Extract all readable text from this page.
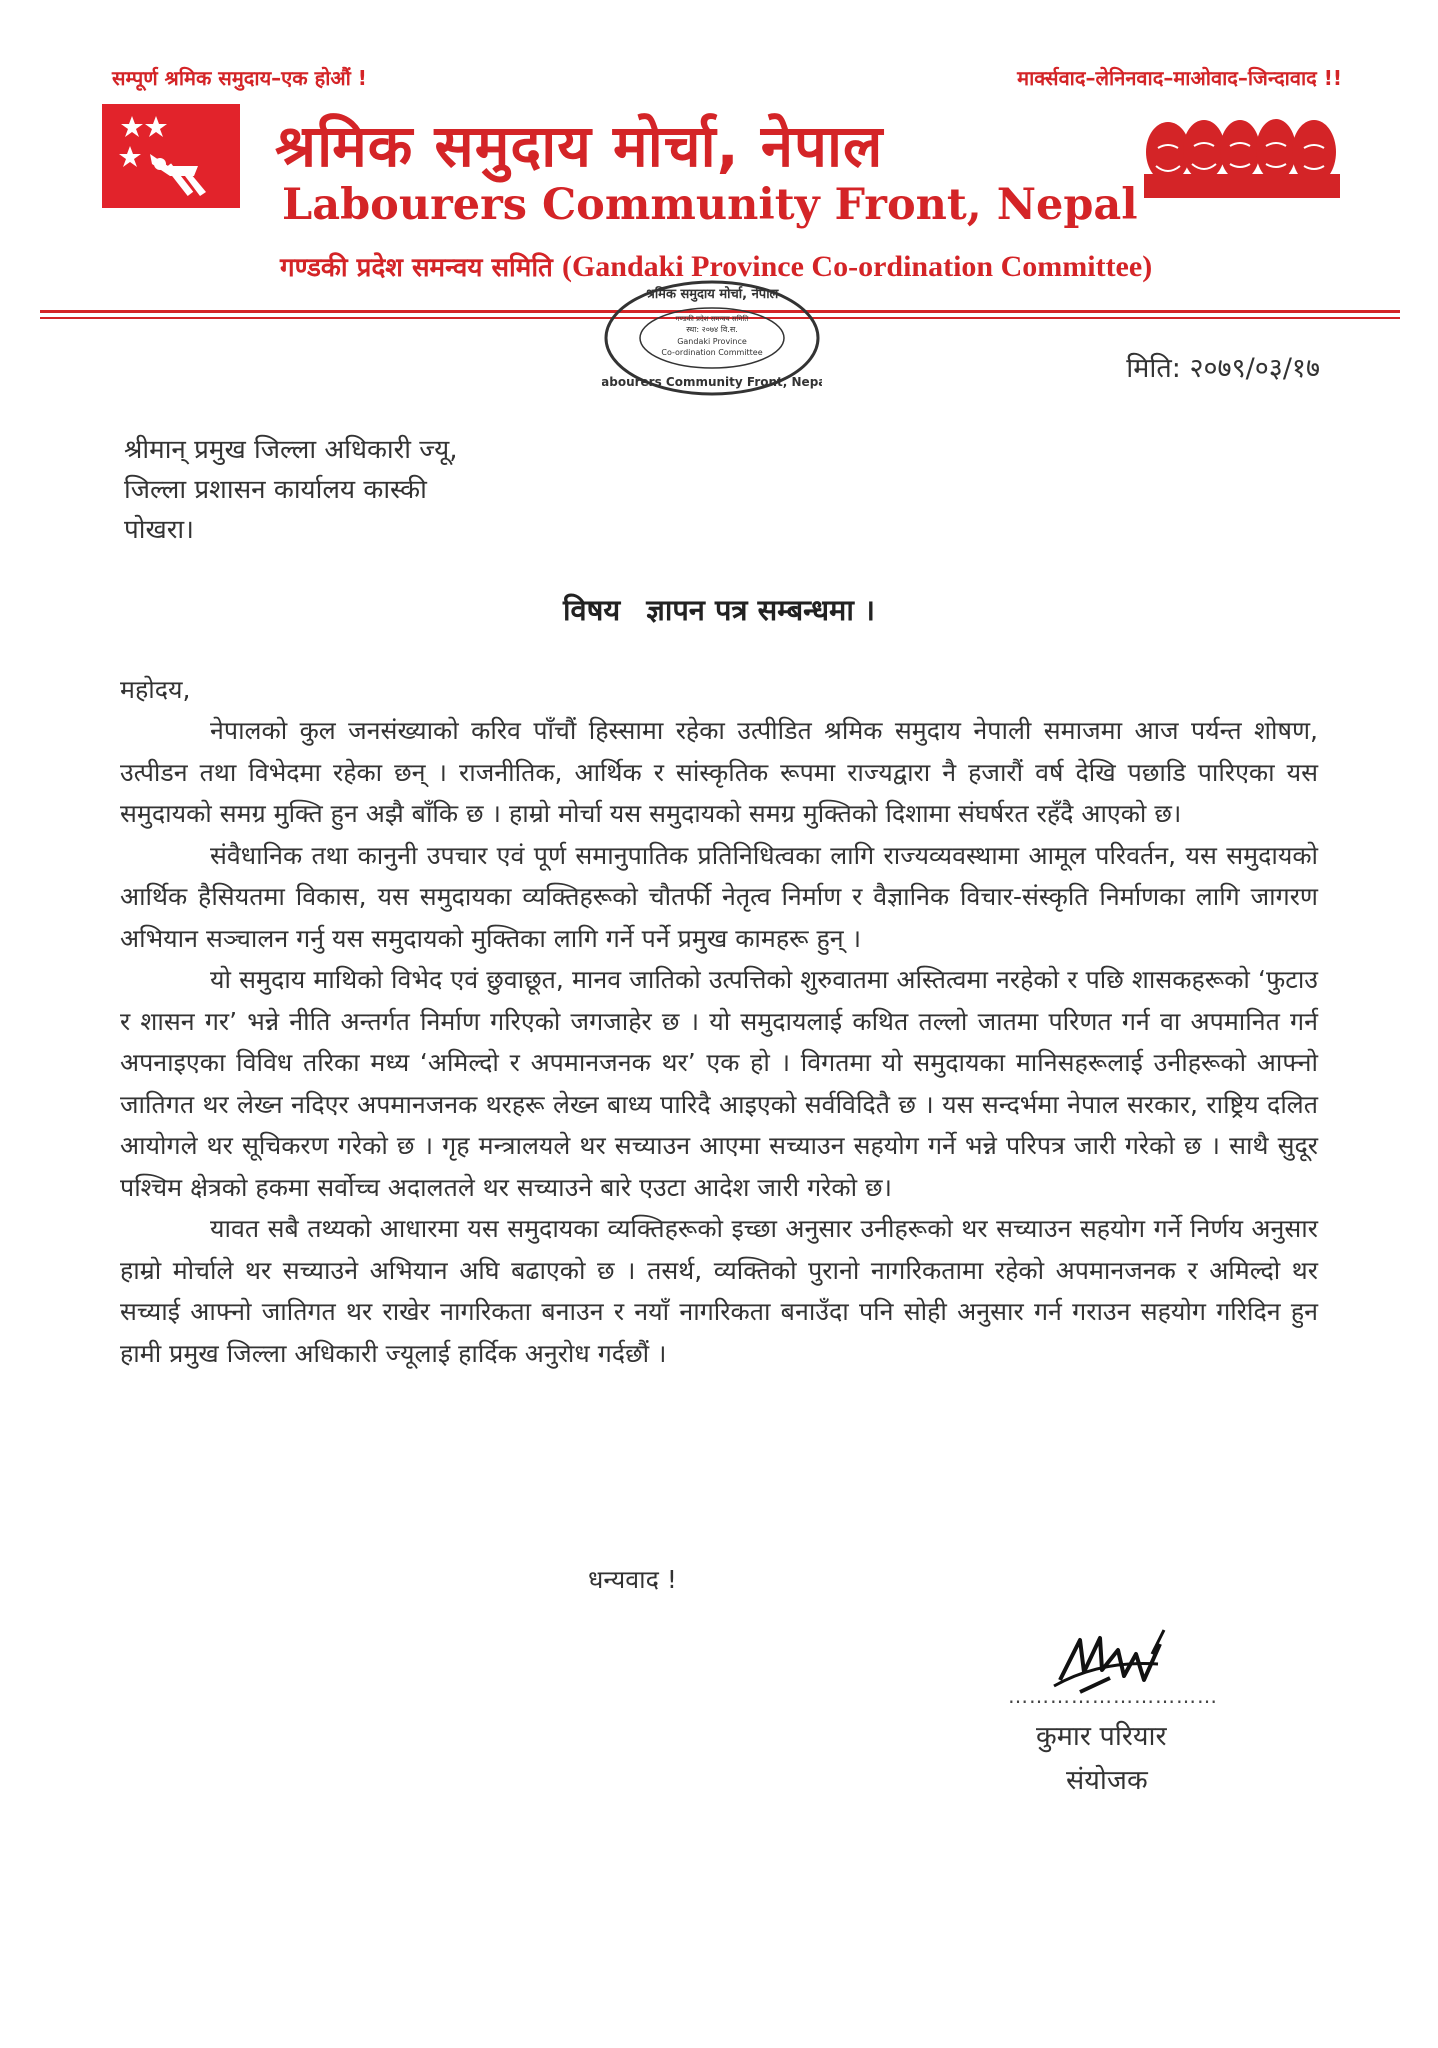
सम्पूर्ण श्रमिक समुदाय–एक होऔं !	मार्क्सवाद–लेनिनवाद–माओवाद–जिन्दावाद !!
श्रमिक समुदाय मोर्चा, नेपाल
Labourers Community Front, Nepal
गण्डकी प्रदेश समन्वय समिति (Gandaki Province Co-ordination Committee)
श्रमिक समुदाय मोर्चा, नेपाल
Labourers Community Front, Nepal
गण्डकी प्रदेश समन्वय समिति
स्था: २०७४ वि.स.
Gandaki Province
Co-ordination Committee
मिति: २०७९/०३/१७
श्रीमान् प्रमुख जिल्ला अधिकारी ज्यू,
जिल्ला प्रशासन कार्यालय कास्की
पोखरा।
विषय ज्ञापन पत्र सम्बन्धमा ।
महोदय,

नेपालको कुल जनसंख्याको करिव पाँचौं हिस्सामा रहेका उत्पीडित श्रमिक समुदाय नेपाली समाजमा आज पर्यन्त शोषण, उत्पीडन तथा विभेदमा रहेका छन् । राजनीतिक, आर्थिक र सांस्कृतिक रूपमा राज्यद्वारा नै हजारौं वर्ष देखि पछाडि पारिएका यस समुदायको समग्र मुक्ति हुन अझै बाँकि छ । हाम्रो मोर्चा यस समुदायको समग्र मुक्तिको दिशामा संघर्षरत रहँदै आएको छ।

संवैधानिक तथा कानुनी उपचार एवं पूर्ण समानुपातिक प्रतिनिधित्वका लागि राज्यव्यवस्थामा आमूल परिवर्तन, यस समुदायको आर्थिक हैसियतमा विकास, यस समुदायका व्यक्तिहरूको चौतर्फी नेतृत्व निर्माण र वैज्ञानिक विचार-संस्कृति निर्माणका लागि जागरण अभियान सञ्चालन गर्नु यस समुदायको मुक्तिका लागि गर्ने पर्ने प्रमुख कामहरू हुन् ।

यो समुदाय माथिको विभेद एवं छुवाछूत, मानव जातिको उत्पत्तिको शुरुवातमा अस्तित्वमा नरहेको र पछि शासकहरूको ‘फुटाउ र शासन गर’ भन्ने नीति अन्तर्गत निर्माण गरिएको जगजाहेर छ । यो समुदायलाई कथित तल्लो जातमा परिणत गर्न वा अपमानित गर्न अपनाइएका विविध तरिका मध्य ‘अमिल्दो र अपमानजनक थर’ एक हो । विगतमा यो समुदायका मानिसहरूलाई उनीहरूको आफ्नो जातिगत थर लेख्न नदिएर अपमानजनक थरहरू लेख्न बाध्य पारिदै आइएको सर्वविदितै छ । यस सन्दर्भमा नेपाल सरकार, राष्ट्रिय दलित आयोगले थर सूचिकरण गरेको छ । गृह मन्त्रालयले थर सच्याउन आएमा सच्याउन सहयोग गर्ने भन्ने परिपत्र जारी गरेको छ । साथै सुदूर पश्चिम क्षेत्रको हकमा सर्वोच्च अदालतले थर सच्याउने बारे एउटा आदेश जारी गरेको छ।

यावत सबै तथ्यको आधारमा यस समुदायका व्यक्तिहरूको इच्छा अनुसार उनीहरूको थर सच्याउन सहयोग गर्ने निर्णय अनुसार हाम्रो मोर्चाले थर सच्याउने अभियान अघि बढाएको छ । तसर्थ, व्यक्तिको पुरानो नागरिकतामा रहेको अपमानजनक र अमिल्दो थर सच्याई आफ्नो जातिगत थर राखेर नागरिकता बनाउन र नयाँ नागरिकता बनाउँदा पनि सोही अनुसार गर्न गराउन सहयोग गरिदिन हुन हामी प्रमुख जिल्ला अधिकारी ज्यूलाई हार्दिक अनुरोध गर्दछौं ।

धन्यवाद !
…………………………
कुमार परियार
संयोजक
